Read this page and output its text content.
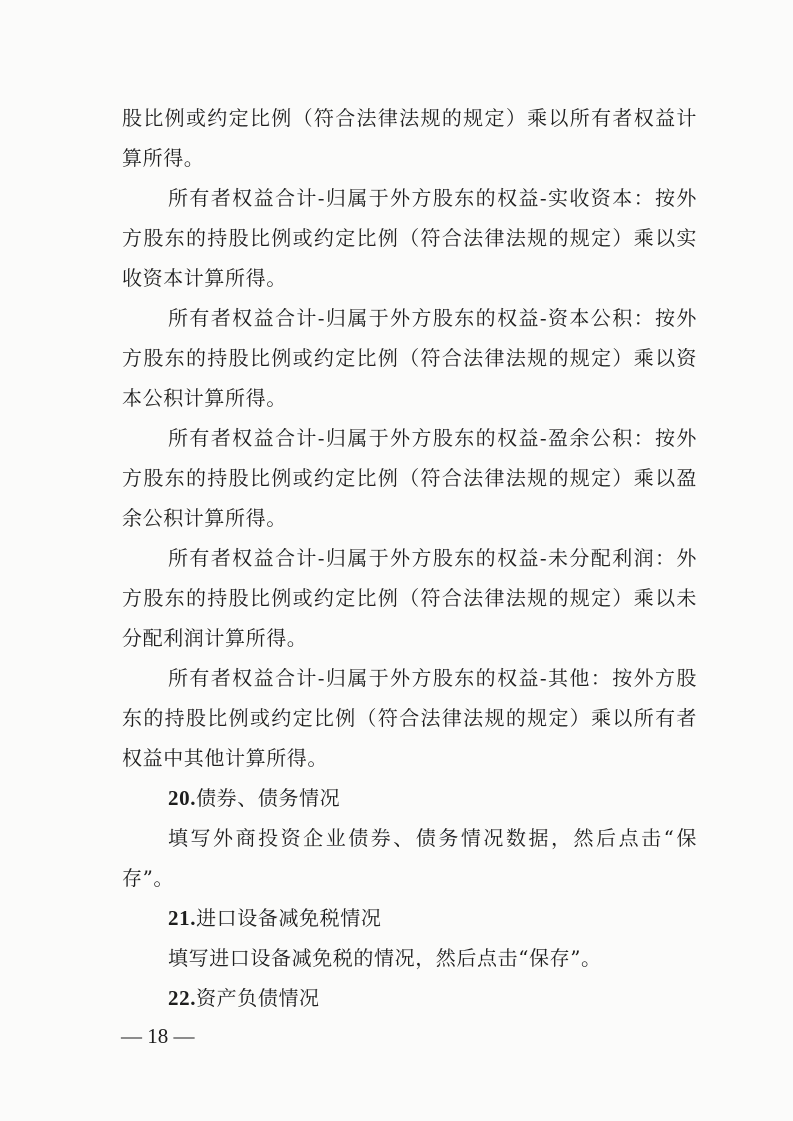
股比例或约定比例（符合法律法规的规定）乘以所有者权益计算所得。

所有者权益合计-归属于外方股东的权益-实收资本：按外方股东的持股比例或约定比例（符合法律法规的规定）乘以实收资本计算所得。

所有者权益合计-归属于外方股东的权益-资本公积：按外方股东的持股比例或约定比例（符合法律法规的规定）乘以资本公积计算所得。

所有者权益合计-归属于外方股东的权益-盈余公积：按外方股东的持股比例或约定比例（符合法律法规的规定）乘以盈余公积计算所得。

所有者权益合计-归属于外方股东的权益-未分配利润：外方股东的持股比例或约定比例（符合法律法规的规定）乘以未分配利润计算所得。

所有者权益合计-归属于外方股东的权益-其他：按外方股东的持股比例或约定比例（符合法律法规的规定）乘以所有者权益中其他计算所得。

20.债券、债务情况

填写外商投资企业债券、债务情况数据，然后点击“保存”。

21.进口设备减免税情况

填写进口设备减免税的情况，然后点击“保存”。

22.资产负债情况

— 18 —
